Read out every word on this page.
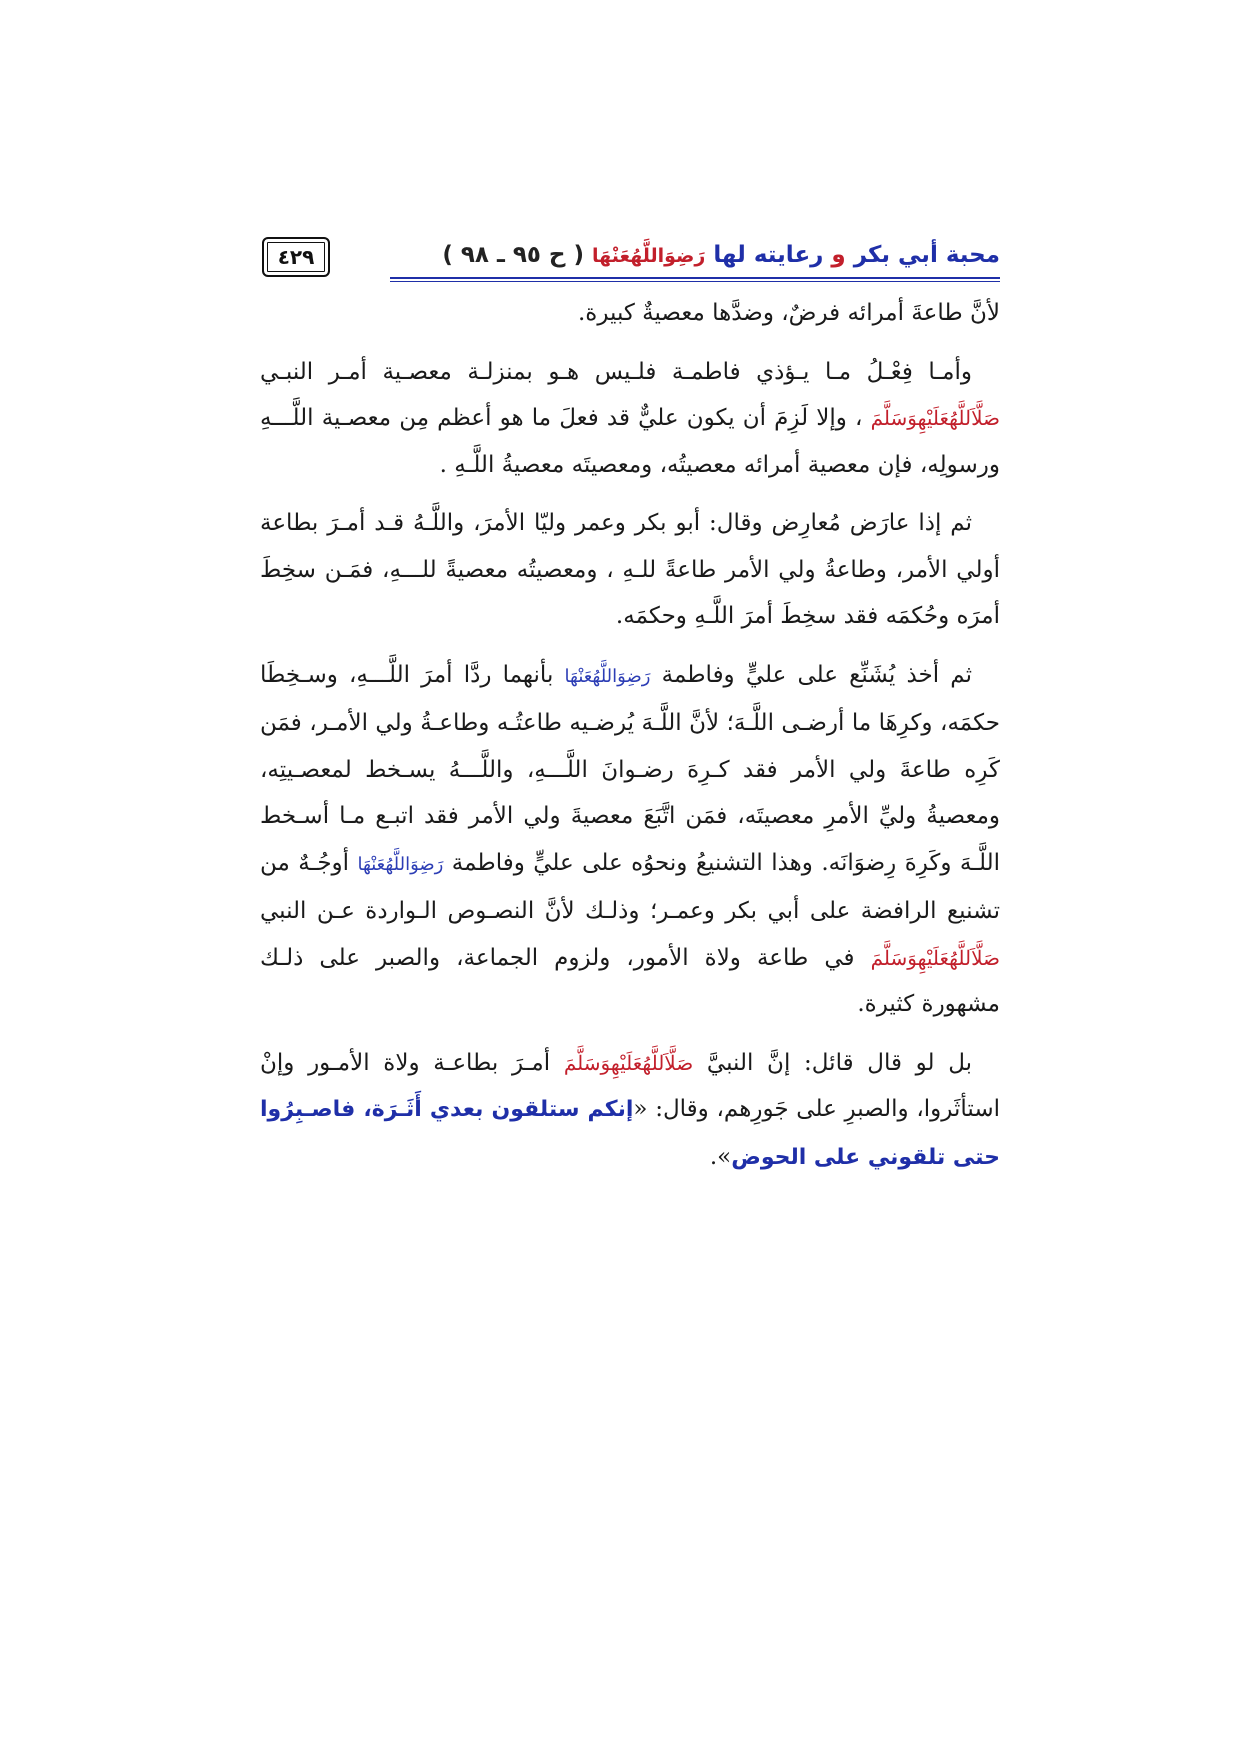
محبة أبي بكر و رعايته لها رَضِوَاللَّهُعَنْهَا ( ح ٩٥ ـ ٩٨ )
٤٢٩

لأنَّ طاعةَ أمرائه فرضٌ، وضدَّها معصيةٌ كبيرة.

وأمـا فِعْـلُ مـا يـؤذي فاطمـة فلـيس هـو بمنزلـة معصـية أمـر النبـي صَلَّاَللَّهُعَلَيْهِوَسَلَّمَ ، وإلا لَزِمَ أن يكون عليٌّ قد فعلَ ما هو أعظم مِن معصـية اللَّـــهِ ورسولِه، فإن معصية أمرائه معصيتُه، ومعصيتَه معصيةُ اللَّـهِ .

ثم إذا عارَض مُعارِض وقال: أبو بكر وعمر وليّا الأمرَ، واللَّـهُ قـد أمـرَ بطاعة أولي الأمر، وطاعةُ ولي الأمر طاعةً للـهِ ، ومعصيتُه معصيةً للـــهِ، فمَـن سخِطَ أمرَه وحُكمَه فقد سخِطَ أمرَ اللَّـهِ وحكمَه.

ثم أخذ يُشَنِّع على عليٍّ وفاطمة رَضِوَاللَّهُعَنْهَا بأنهما ردَّا أمرَ اللَّـــهِ، وسـخِطَا حكمَه، وكرِهَا ما أرضـى اللَّـهَ؛ لأنَّ اللَّـهَ يُرضـيه طاعتُـه وطاعـةُ ولي الأمـر، فمَن كَرِه طاعةَ ولي الأمر فقد كـرِهَ رضـوانَ اللَّـــهِ، واللَّـــهُ يسـخط لمعصـيتِه، ومعصيةُ وليِّ الأمرِ معصيتَه، فمَن اتَّبَعَ معصيةَ ولي الأمر فقد اتبـع مـا أسـخط اللَّـهَ وكَرِهَ رِضوَانَه. وهذا التشنيعُ ونحوُه على عليٍّ وفاطمة رَضِوَاللَّهُعَنْهَا أوجُـهٌ من تشنيع الرافضة على أبي بكر وعمـر؛ وذلـك لأنَّ النصـوص الـواردة عـن النبي صَلَّاَللَّهُعَلَيْهِوَسَلَّمَ في طاعة ولاة الأمور، ولزوم الجماعة، والصبر على ذلـك مشهورة كثيرة.

بل لو قال قائل: إنَّ النبيَّ صَلَّاَللَّهُعَلَيْهِوَسَلَّمَ أمـرَ بطاعـة ولاة الأمـور وإنْ استأثَروا، والصبرِ على جَورِهم، وقال: «إنكم ستلقون بعدي أَثَـرَة، فاصـبِرُوا حتى تلقوني على الحوض».
